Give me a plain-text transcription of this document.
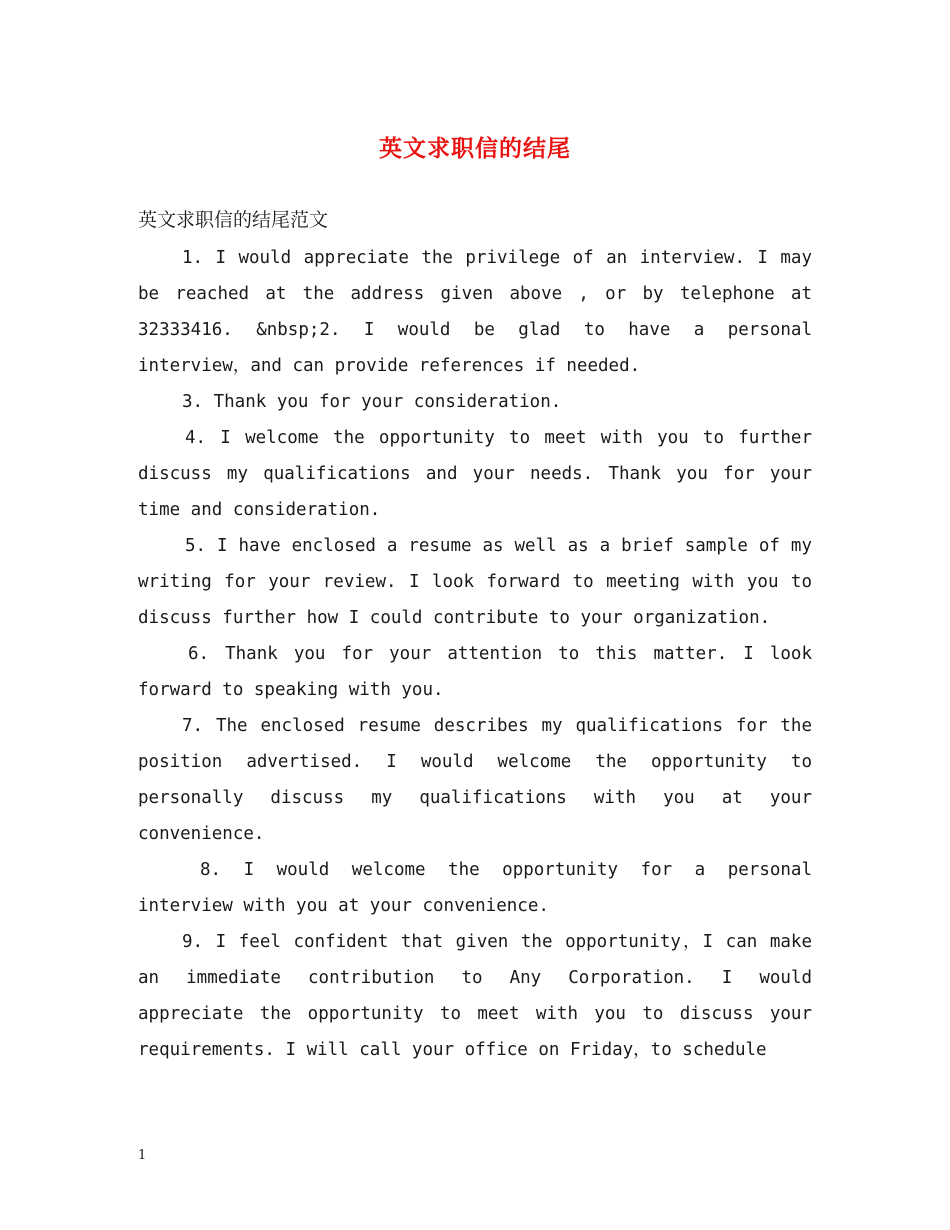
英文求职信的结尾
英文求职信的结尾范文

1. I would appreciate the privilege of an interview. I may be reached at the address given above , or by telephone at 32333416. &nbsp;2. I would be glad to have a personal interview，and can provide references if needed.

3. Thank you for your consideration.

4. I welcome the opportunity to meet with you to further discuss my qualifications and your needs. Thank you for your time and consideration.

5. I have enclosed a resume as well as a brief sample of my writing for your review. I look forward to meeting with you to discuss further how I could contribute to your organization.

6. Thank you for your attention to this matter. I look forward to speaking with you.

7. The enclosed resume describes my qualifications for the position advertised. I would welcome the opportunity to personally discuss my qualifications with you at your convenience.

8. I would welcome the opportunity for a personal interview with you at your convenience.

9. I feel confident that given the opportunity，I can make an immediate contribution to Any Corporation. I would appreciate the opportunity to meet with you to discuss your requirements. I will call your office on Friday，to schedule

1
